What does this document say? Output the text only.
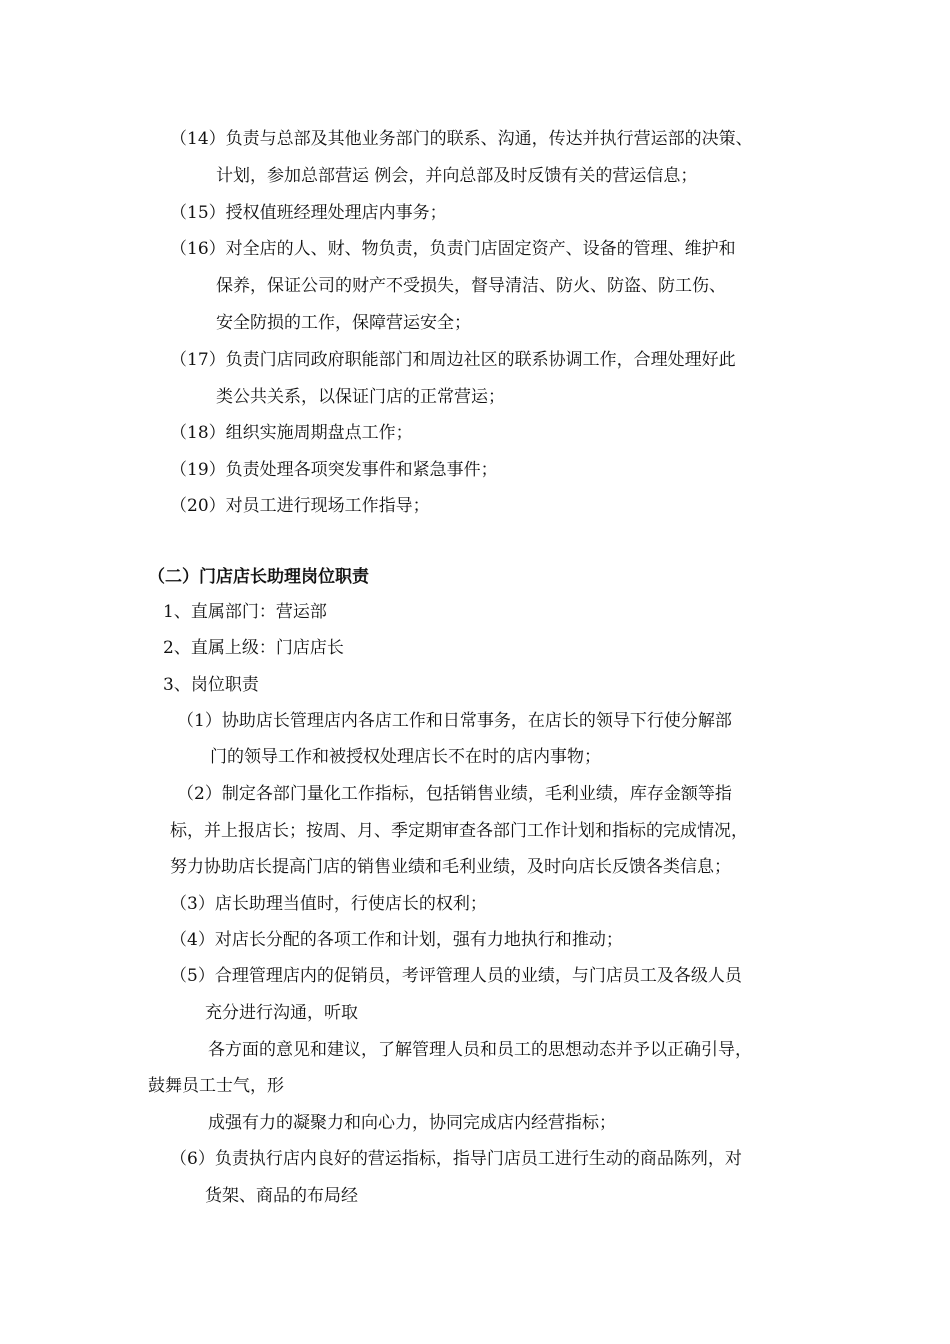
（14）负责与总部及其他业务部门的联系、沟通，传达并执行营运部的决策、
计划，参加总部营运 例会，并向总部及时反馈有关的营运信息；
（15）授权值班经理处理店内事务；
（16）对全店的人、财、物负责，负责门店固定资产、设备的管理、维护和
保养，保证公司的财产不受损失，督导清洁、防火、防盗、防工伤、
安全防损的工作，保障营运安全；
（17）负责门店同政府职能部门和周边社区的联系协调工作，合理处理好此
类公共关系，以保证门店的正常营运；
（18）组织实施周期盘点工作；
（19）负责处理各项突发事件和紧急事件；
（20）对员工进行现场工作指导；
（二）门店店长助理岗位职责
1、直属部门：营运部
2、直属上级：门店店长
3、岗位职责
（1）协助店长管理店内各店工作和日常事务，在店长的领导下行使分解部
门的领导工作和被授权处理店长不在时的店内事物；
（2）制定各部门量化工作指标，包括销售业绩，毛利业绩，库存金额等指
标，并上报店长；按周、月、季定期审查各部门工作计划和指标的完成情况，
努力协助店长提高门店的销售业绩和毛利业绩，及时向店长反馈各类信息；
（3）店长助理当值时，行使店长的权利；
（4）对店长分配的各项工作和计划，强有力地执行和推动；
（5）合理管理店内的促销员，考评管理人员的业绩，与门店员工及各级人员
充分进行沟通，听取
各方面的意见和建议，了解管理人员和员工的思想动态并予以正确引导，
鼓舞员工士气，形
成强有力的凝聚力和向心力，协同完成店内经营指标；
（6）负责执行店内良好的营运指标，指导门店员工进行生动的商品陈列，对
货架、商品的布局经
